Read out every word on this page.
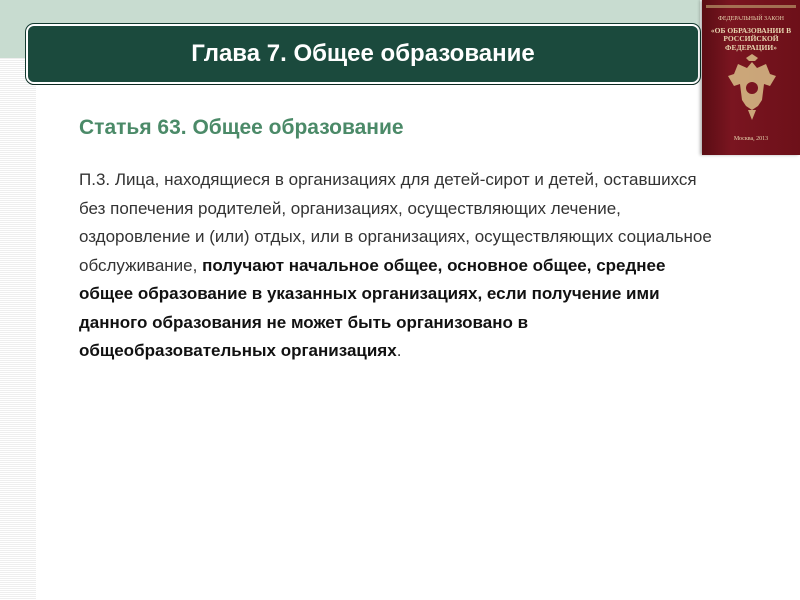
Глава 7. Общее образование
ФЕДЕРАЛЬНЫЙ ЗАКОН
«ОБ ОБРАЗОВАНИИ В РОССИЙСКОЙ ФЕДЕРАЦИИ»
Москва, 2013
Статья 63. Общее образование

П.3. Лица, находящиеся в организациях для детей-сирот и детей, оставшихся без попечения родителей, организациях, осуществляющих лечение, оздоровление и (или) отдых, или в организациях, осуществляющих социальное обслуживание, получают начальное общее, основное общее, среднее общее образование в указанных организациях, если получение ими данного образования не может быть организовано в общеобразовательных организациях.
